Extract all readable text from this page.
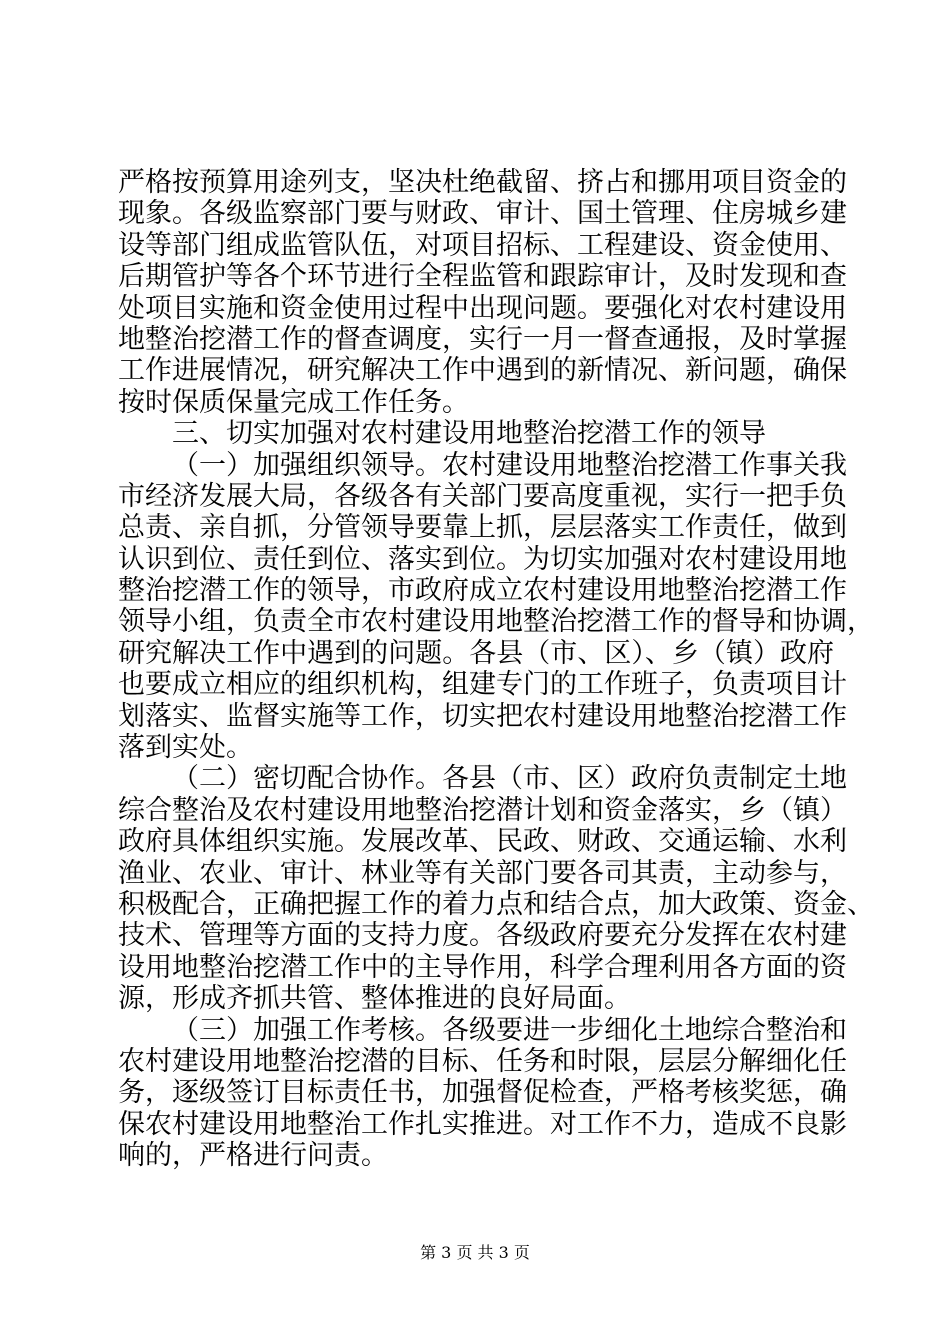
严格按预算用途列支，坚决杜绝截留、挤占和挪用项目资金的
现象。各级监察部门要与财政、审计、国土管理、住房城乡建
设等部门组成监管队伍，对项目招标、工程建设、资金使用、
后期管护等各个环节进行全程监管和跟踪审计，及时发现和查
处项目实施和资金使用过程中出现问题。要强化对农村建设用
地整治挖潜工作的督查调度，实行一月一督查通报，及时掌握
工作进展情况，研究解决工作中遇到的新情况、新问题，确保
按时保质保量完成工作任务。
三、切实加强对农村建设用地整治挖潜工作的领导
（一）加强组织领导。农村建设用地整治挖潜工作事关我
市经济发展大局，各级各有关部门要高度重视，实行一把手负
总责、亲自抓，分管领导要靠上抓，层层落实工作责任，做到
认识到位、责任到位、落实到位。为切实加强对农村建设用地
整治挖潜工作的领导，市政府成立农村建设用地整治挖潜工作
领导小组，负责全市农村建设用地整治挖潜工作的督导和协调，
研究解决工作中遇到的问题。各县（市、区）、乡（镇）政府
也要成立相应的组织机构，组建专门的工作班子，负责项目计
划落实、监督实施等工作，切实把农村建设用地整治挖潜工作
落到实处。
（二）密切配合协作。各县（市、区）政府负责制定土地
综合整治及农村建设用地整治挖潜计划和资金落实，乡（镇）
政府具体组织实施。发展改革、民政、财政、交通运输、水利
渔业、农业、审计、林业等有关部门要各司其责，主动参与，
积极配合，正确把握工作的着力点和结合点，加大政策、资金、
技术、管理等方面的支持力度。各级政府要充分发挥在农村建
设用地整治挖潜工作中的主导作用，科学合理利用各方面的资
源，形成齐抓共管、整体推进的良好局面。
（三）加强工作考核。各级要进一步细化土地综合整治和
农村建设用地整治挖潜的目标、任务和时限，层层分解细化任
务，逐级签订目标责任书，加强督促检查，严格考核奖惩，确
保农村建设用地整治工作扎实推进。对工作不力，造成不良影
响的，严格进行问责。
第 3 页 共 3 页
